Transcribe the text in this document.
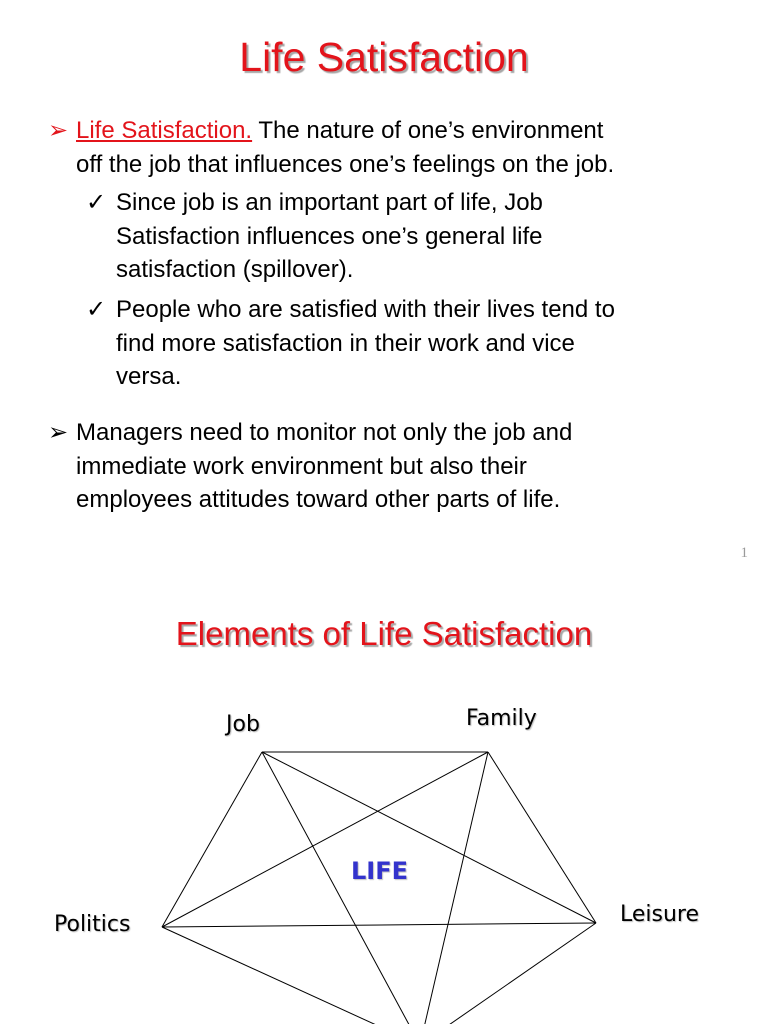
Life Satisfaction
➢ Life Satisfaction. The nature of one’s environment
off the job that influences one’s feelings on the job.
✓ Since job is an important part of life, Job
Satisfaction influences one’s general life
satisfaction (spillover).
✓ People who are satisfied with their lives tend to
find more satisfaction in their work and vice
versa.
➢ Managers need to monitor not only the job and
immediate work environment but also their
employees attitudes toward other parts of life.
1
Elements of Life Satisfaction
Job	Family
Leisure
Politics
LIFE
